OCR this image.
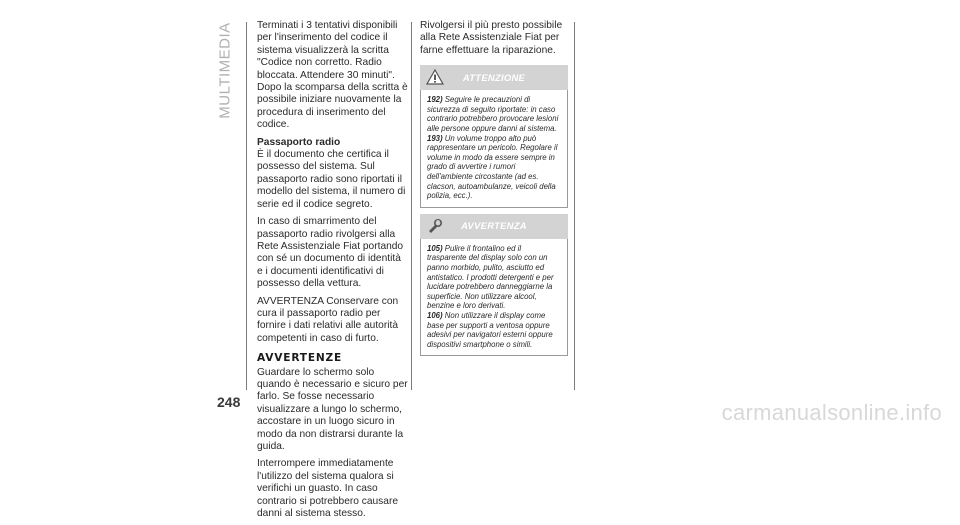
MULTIMEDIA Terminati i 3 tentativi disponibili per l'inserimento del codice il sistema visualizzerà la scritta "Codice non corretto. Radio bloccata. Attendere 30 minuti". Dopo la scomparsa della scritta è possibile iniziare nuovamente la procedura di inserimento del codice.

Passaporto radio

È il documento che certifica il possesso del sistema. Sul passaporto radio sono riportati il modello del sistema, il numero di serie ed il codice segreto.

In caso di smarrimento del passaporto radio rivolgersi alla Rete Assistenziale Fiat portando con sé un documento di identità e i documenti identificativi di possesso della vettura.

AVVERTENZA Conservare con cura il passaporto radio per fornire i dati relativi alle autorità competenti in caso di furto.

AVVERTENZE

Guardare lo schermo solo quando è necessario e sicuro per farlo. Se fosse necessario visualizzare a lungo lo schermo, accostare in un luogo sicuro in modo da non distrarsi durante la guida.

Interrompere immediatamente l'utilizzo del sistema qualora si verifichi un guasto. In caso contrario si potrebbero causare danni al sistema stesso.

Rivolgersi il più presto possibile alla Rete Assistenziale Fiat per farne effettuare la riparazione.

ATTENZIONE

192) Seguire le precauzioni di sicurezza di seguito riportate: in caso contrario potrebbero provocare lesioni alle persone oppure danni al sistema.

193) Un volume troppo alto può rappresentare un pericolo. Regolare il volume in modo da essere sempre in grado di avvertire i rumori dell'ambiente circostante (ad es. clacson, autoambulanze, veicoli della polizia, ecc.).

AVVERTENZA

105) Pulire il frontalino ed il trasparente del display solo con un panno morbido, pulito, asciutto ed antistatico. I prodotti detergenti e per lucidare potrebbero danneggiarne la superficie. Non utilizzare alcool, benzine e loro derivati.

106) Non utilizzare il display come base per supporti a ventosa oppure adesivi per navigatori esterni oppure dispositivi smartphone o simili.

248	carmanualsonline.info
